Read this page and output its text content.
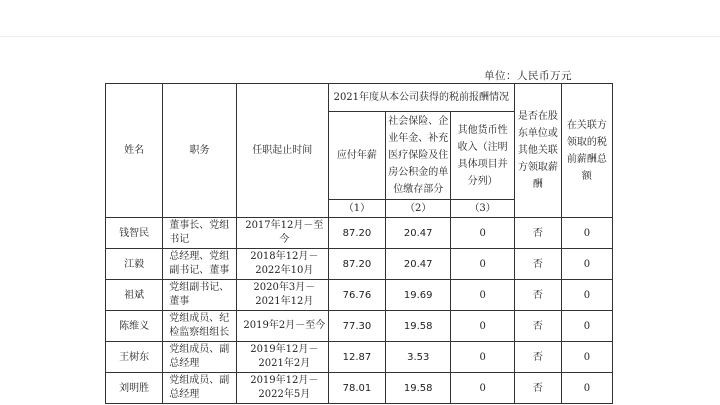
单位：人民币万元
姓名	职务	任职起止时间	2021年度从本公司获得的税前报酬情况			是否在股东单位或其他关联方领取薪酬	在关联方领取的税前薪酬总额
			应付年薪	社会保险、企业年金、补充医疗保险及住房公积金的单位缴存部分	其他货币性收入（注明具体项目并分列）		
			（1）	（2）	（3）		
钱智民	董事长、党组书记	2017年12月－至今	87.20	20.47	0	否	0
江毅	总经理、党组副书记、董事	2018年12月－2022年10月	87.20	20.47	0	否	0
祖斌	党组副书记、董事	2020年3月－2021年12月	76.76	19.69	0	否	0
陈维义	党组成员、纪检监察组组长	2019年2月－至今	77.30	19.58	0	否	0
王树东	党组成员、副总经理	2019年12月－2021年2月	12.87	3.53	0	否	0
刘明胜	党组成员、副总经理	2019年12月－2022年5月	78.01	19.58	0	否	0
